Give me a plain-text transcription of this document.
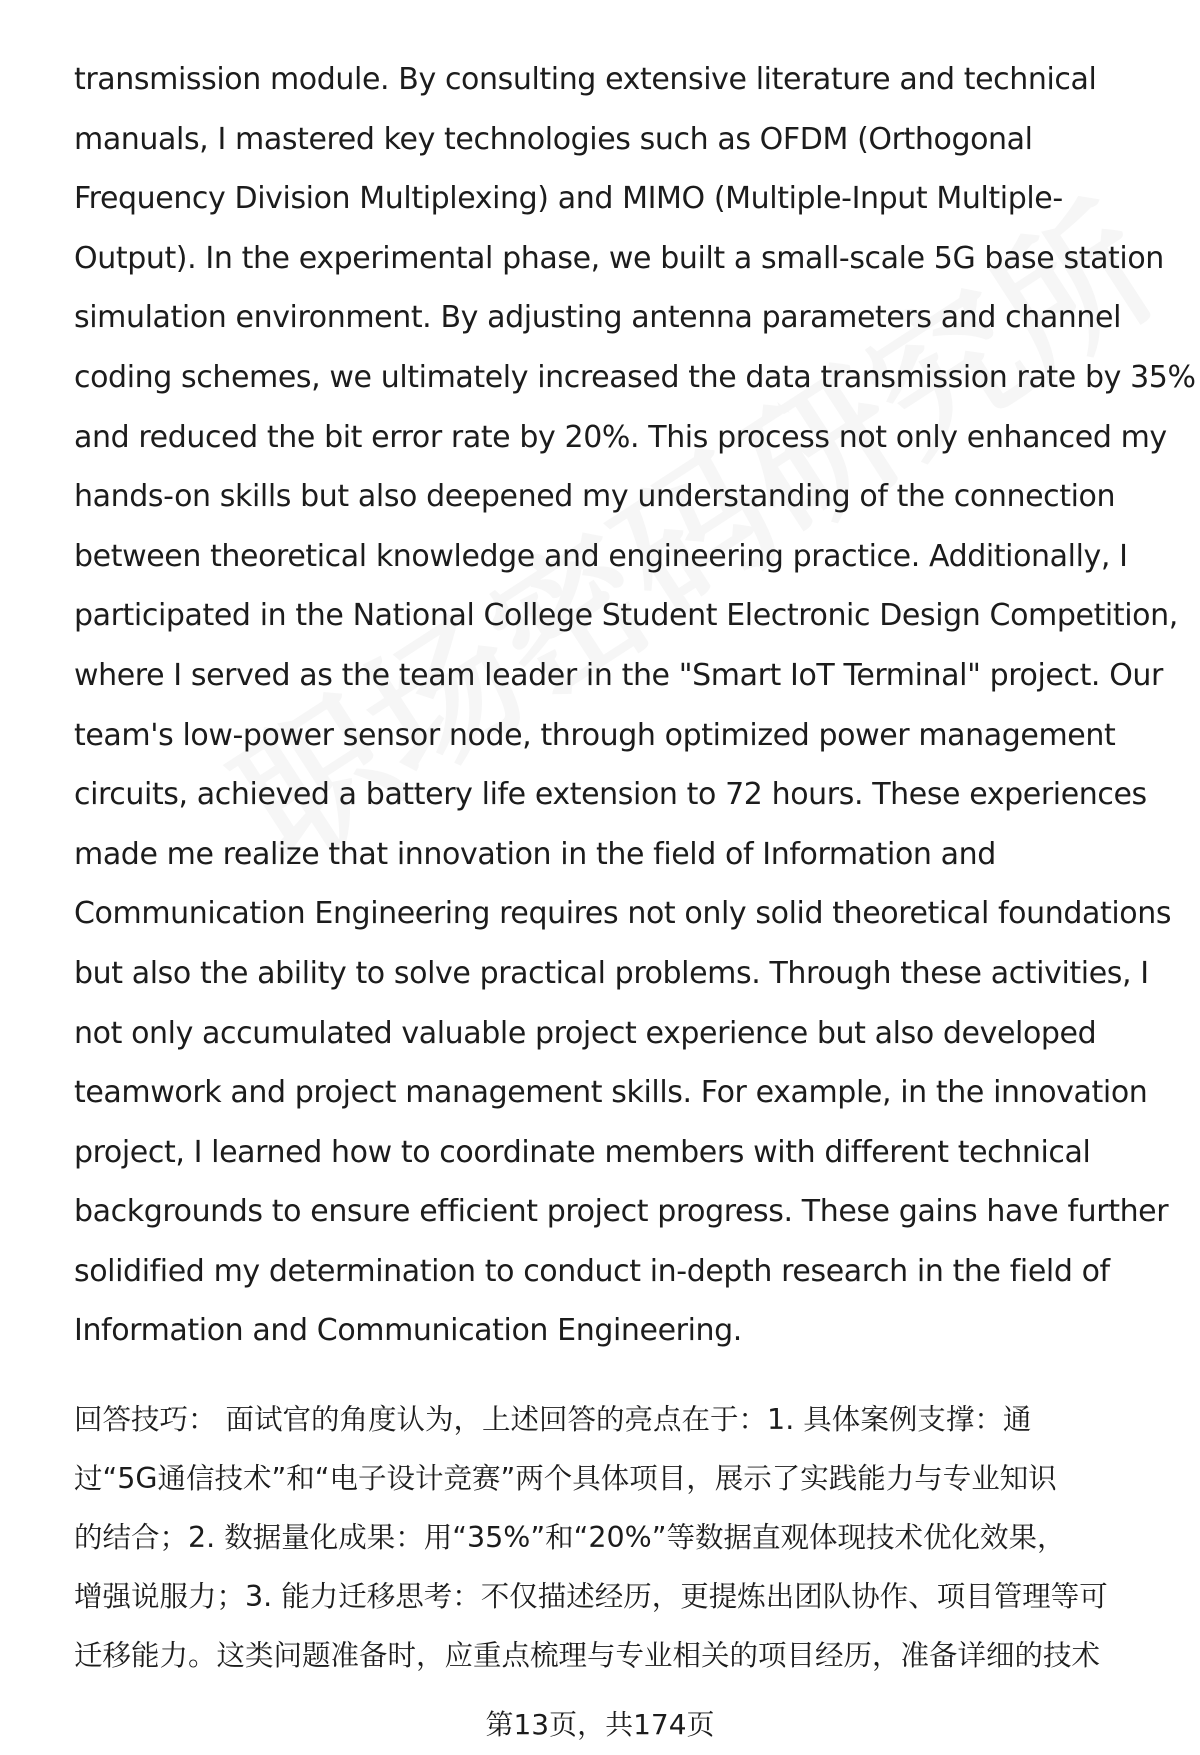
transmission module. By consulting extensive literature and technical
manuals, I mastered key technologies such as OFDM (Orthogonal
Frequency Division Multiplexing) and MIMO (Multiple-Input Multiple-
Output). In the experimental phase, we built a small-scale 5G base station
simulation environment. By adjusting antenna parameters and channel
coding schemes, we ultimately increased the data transmission rate by 35%
and reduced the bit error rate by 20%. This process not only enhanced my
hands-on skills but also deepened my understanding of the connection
between theoretical knowledge and engineering practice. Additionally, I
participated in the National College Student Electronic Design Competition,
where I served as the team leader in the "Smart IoT Terminal" project. Our
team's low-power sensor node, through optimized power management
circuits, achieved a battery life extension to 72 hours. These experiences
made me realize that innovation in the field of Information and
Communication Engineering requires not only solid theoretical foundations
but also the ability to solve practical problems. Through these activities, I
not only accumulated valuable project experience but also developed
teamwork and project management skills. For example, in the innovation
project, I learned how to coordinate members with different technical
backgrounds to ensure efficient project progress. These gains have further
solidified my determination to conduct in-depth research in the field of
Information and Communication Engineering.
回答技巧： 面试官的角度认为，上述回答的亮点在于：1. 具体案例支撑：通
过“5G通信技术”和“电子设计竞赛”两个具体项目，展示了实践能力与专业知识
的结合；2. 数据量化成果：用“35%”和“20%”等数据直观体现技术优化效果，
增强说服力；3. 能力迁移思考：不仅描述经历，更提炼出团队协作、项目管理等可
迁移能力。这类问题准备时，应重点梳理与专业相关的项目经历，准备详细的技术
第13页，共174页
